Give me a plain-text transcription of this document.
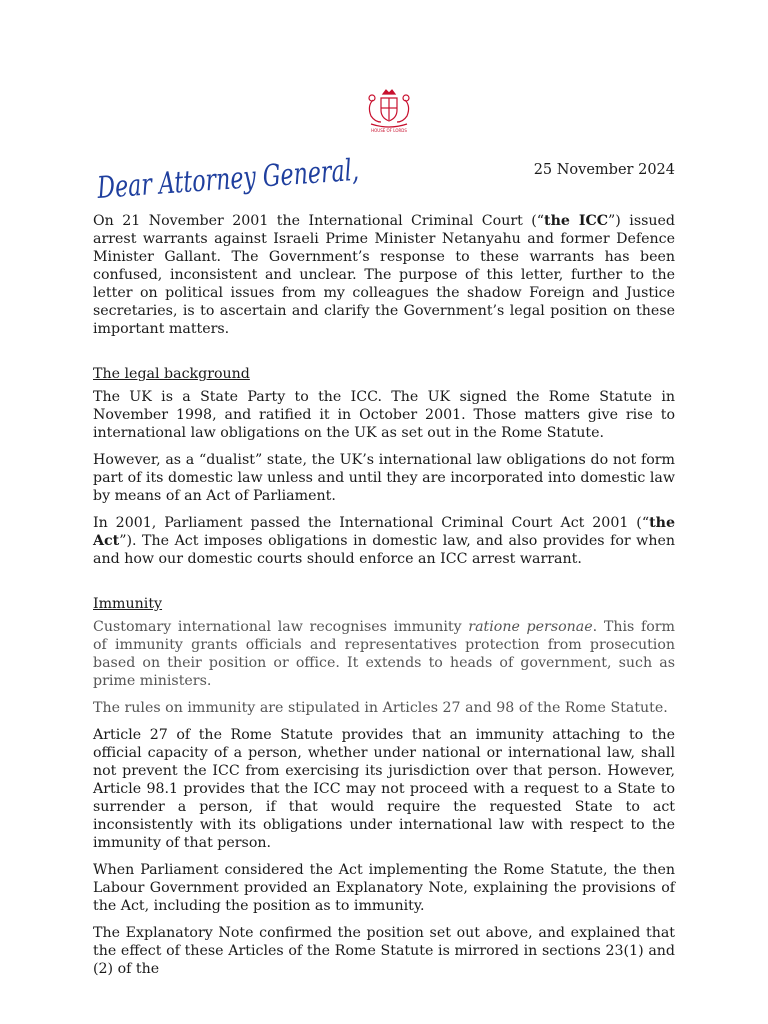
HOUSE OF LORDS
Dear Attorney General,	25 November 2024

On 21 November 2001 the International Criminal Court (“the ICC”) issued arrest warrants against Israeli Prime Minister Netanyahu and former Defence Minister Gallant. The Government’s response to these warrants has been confused, inconsistent and unclear. The purpose of this letter, further to the letter on political issues from my colleagues the shadow Foreign and Justice secretaries, is to ascertain and clarify the Government’s legal position on these important matters.

The legal background

The UK is a State Party to the ICC. The UK signed the Rome Statute in November 1998, and ratified it in October 2001. Those matters give rise to international law obligations on the UK as set out in the Rome Statute.

However, as a “dualist” state, the UK’s international law obligations do not form part of its domestic law unless and until they are incorporated into domestic law by means of an Act of Parliament.

In 2001, Parliament passed the International Criminal Court Act 2001 (“the Act”). The Act imposes obligations in domestic law, and also provides for when and how our domestic courts should enforce an ICC arrest warrant.

Immunity

Customary international law recognises immunity ratione personae. This form of immunity grants officials and representatives protection from prosecution based on their position or office. It extends to heads of government, such as prime ministers.

The rules on immunity are stipulated in Articles 27 and 98 of the Rome Statute.

Article 27 of the Rome Statute provides that an immunity attaching to the official capacity of a person, whether under national or international law, shall not prevent the ICC from exercising its jurisdiction over that person. However, Article 98.1 provides that the ICC may not proceed with a request to a State to surrender a person, if that would require the requested State to act inconsistently with its obligations under international law with respect to the immunity of that person.

When Parliament considered the Act implementing the Rome Statute, the then Labour Government provided an Explanatory Note, explaining the provisions of the Act, including the position as to immunity.

The Explanatory Note confirmed the position set out above, and explained that the effect of these Articles of the Rome Statute is mirrored in sections 23(1) and (2) of the
